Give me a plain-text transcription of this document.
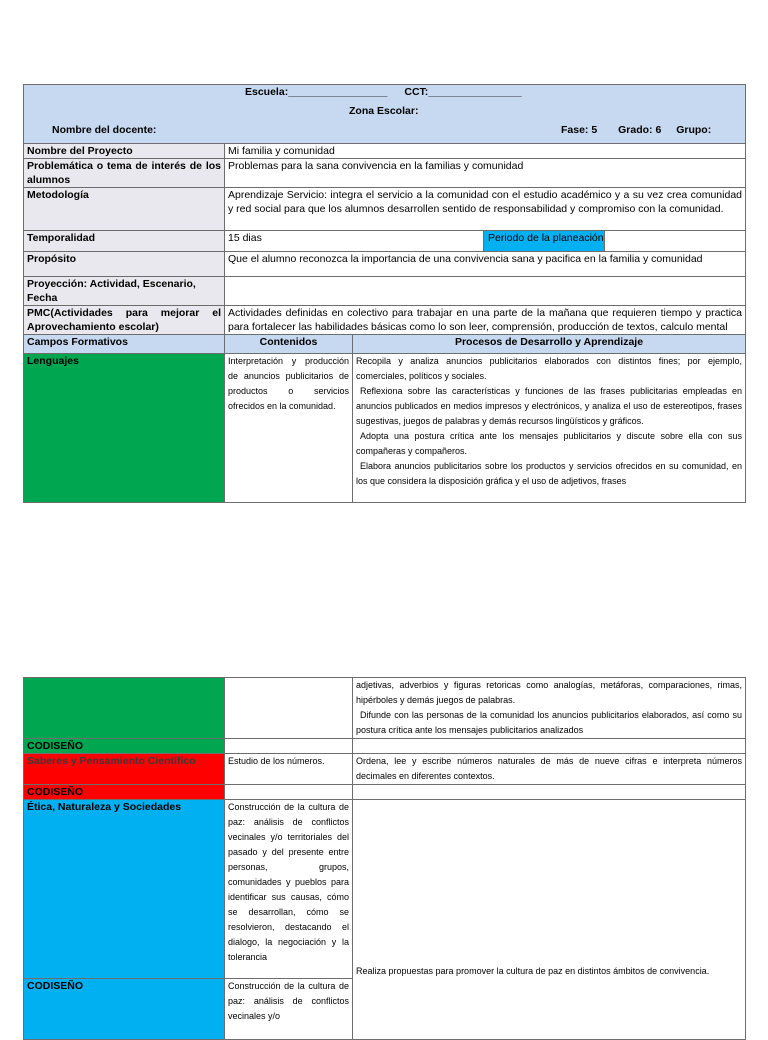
Escuela:_________________ CCT:________________
Zona Escolar:
Nombre del docente: Fase: 5 Grado: 6 Grupo:		

Nombre del Proyecto	Mi familia y comunidad	
Problemática o tema de interés de los alumnos	Problemas para la sana convivencia en la familias y comunidad	
Metodología	Aprendizaje Servicio: integra el servicio a la comunidad con el estudio académico y a su vez crea comunidad y red social para que los alumnos desarrollen sentido de responsabilidad y compromiso con la comunidad.	
Temporalidad	15 dias Periodo de la planeación	

Propósito	Que el alumno reconozca la importancia de una convivencia sana y pacifica en la familia y comunidad	
Proyección: Actividad, Escenario, Fecha		
PMC(Actividades para mejorar el Aprovechamiento escolar)	Actividades definidas en colectivo para trabajar en una parte de la mañana que requieren tiempo y practica para fortalecer las habilidades básicas como lo son leer, comprensión, producción de textos, calculo mental	
Campos Formativos	Contenidos	Procesos de Desarrollo y Aprendizaje
Lenguajes	Interpretación y producción de anuncios publicitarios de productos o servicios ofrecidos en la comunidad.	Recopila y analiza anuncios publicitarios elaborados con distintos fines; por ejemplo, comerciales, políticos y sociales.
Reflexiona sobre las características y funciones de las frases publicitarias empleadas en anuncios publicados en medios impresos y electrónicos, y analiza el uso de estereotipos, frases sugestivas, juegos de palabras y demás recursos lingüísticos y gráficos.
Adopta una postura crítica ante los mensajes publicitarios y discute sobre ella con sus compañeras y compañeros.
Elabora anuncios publicitarios sobre los productos y servicios ofrecidos en su comunidad, en los que considera la disposición gráfica y el uso de adjetivos, frases

		adjetivas, adverbios y figuras retoricas como analogías, metáforas, comparaciones, rimas, hipérboles y demás juegos de palabras.
Difunde con las personas de la comunidad los anuncios publicitarios elaborados, así como su postura crítica ante los mensajes publicitarios analizados

CODISEÑO		
Saberes y Pensamiento Científico	Estudio de los números.	Ordena, lee y escribe números naturales de más de nueve cifras e interpreta números decimales en diferentes contextos.
CODISEÑO		
Ética, Naturaleza y Sociedades	Construcción de la cultura de paz: análisis de conflictos vecinales y/o territoriales del pasado y del presente entre personas, grupos, comunidades y pueblos para identificar sus causas, cómo se desarrollan, cómo se resolvieron, destacando el dialogo, la negociación y la tolerancia	Realiza propuestas para promover la cultura de paz en distintos ámbitos de convivencia.
CODISEÑO	Construcción de la cultura de paz: análisis de conflictos vecinales y/o	
